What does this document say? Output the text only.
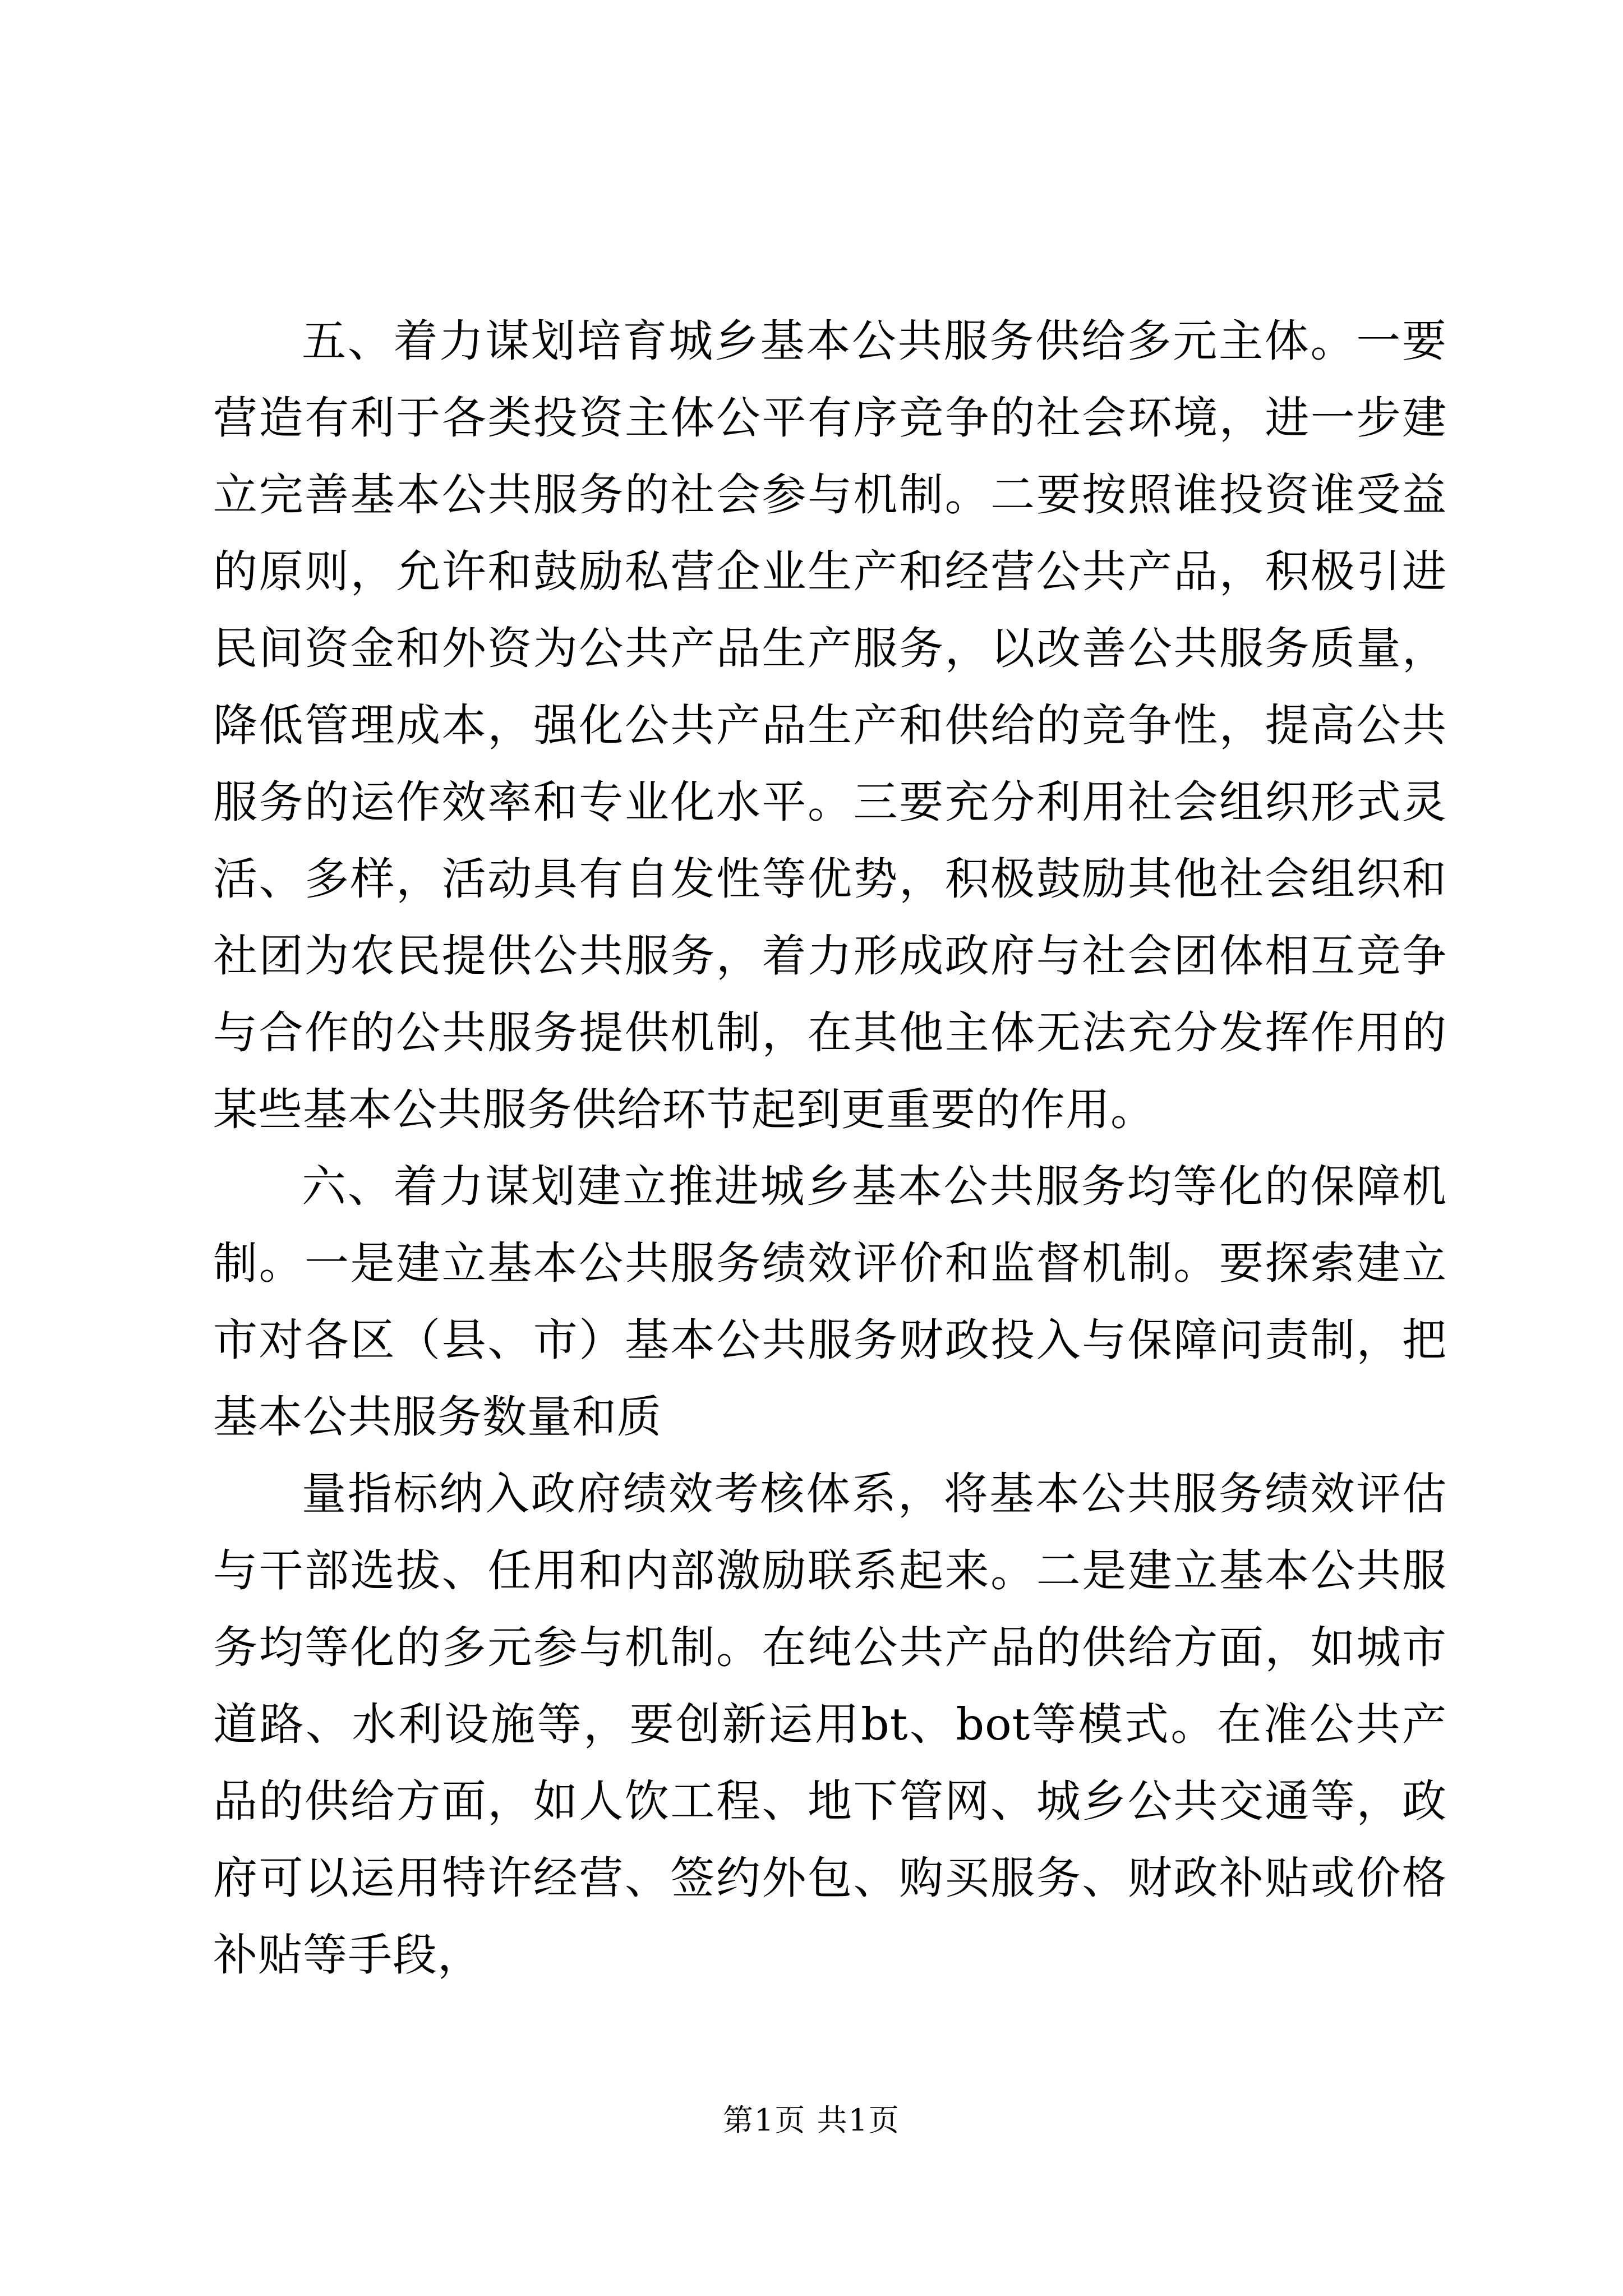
五、着力谋划培育城乡基本公共服务供给多元主体。一要营造有利于各类投资主体公平有序竞争的社会环境，进一步建立完善基本公共服务的社会参与机制。二要按照谁投资谁受益的原则，允许和鼓励私营企业生产和经营公共产品，积极引进民间资金和外资为公共产品生产服务，以改善公共服务质量，降低管理成本，强化公共产品生产和供给的竞争性，提高公共服务的运作效率和专业化水平。三要充分利用社会组织形式灵活、多样，活动具有自发性等优势，积极鼓励其他社会组织和社团为农民提供公共服务，着力形成政府与社会团体相互竞争与合作的公共服务提供机制，在其他主体无法充分发挥作用的某些基本公共服务供给环节起到更重要的作用。

六、着力谋划建立推进城乡基本公共服务均等化的保障机制。一是建立基本公共服务绩效评价和监督机制。要探索建立市对各区（县、市）基本公共服务财政投入与保障问责制，把基本公共服务数量和质

量指标纳入政府绩效考核体系，将基本公共服务绩效评估与干部选拔、任用和内部激励联系起来。二是建立基本公共服务均等化的多元参与机制。在纯公共产品的供给方面，如城市道路、水利设施等，要创新运用bt、bot等模式。在准公共产品的供给方面，如人饮工程、地下管网、城乡公共交通等，政府可以运用特许经营、签约外包、购买服务、财政补贴或价格补贴等手段，

第1页 共1页
